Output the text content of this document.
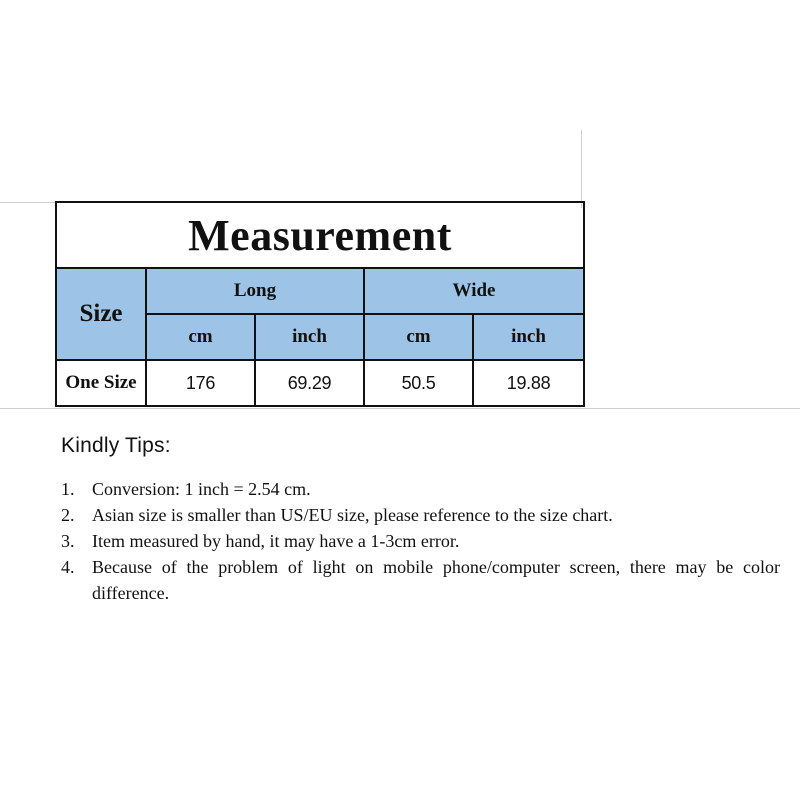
Measurement				
Size	Long		Wide	
	cm	inch	cm	inch
One Size	176	69.29	50.5	19.88
Kindly Tips:
1. Conversion: 1 inch = 2.54 cm.
2. Asian size is smaller than US/EU size, please reference to the size chart.
3. Item measured by hand, it may have a 1-3cm error.
4. Because of the problem of light on mobile phone/computer screen, there may be color difference.
